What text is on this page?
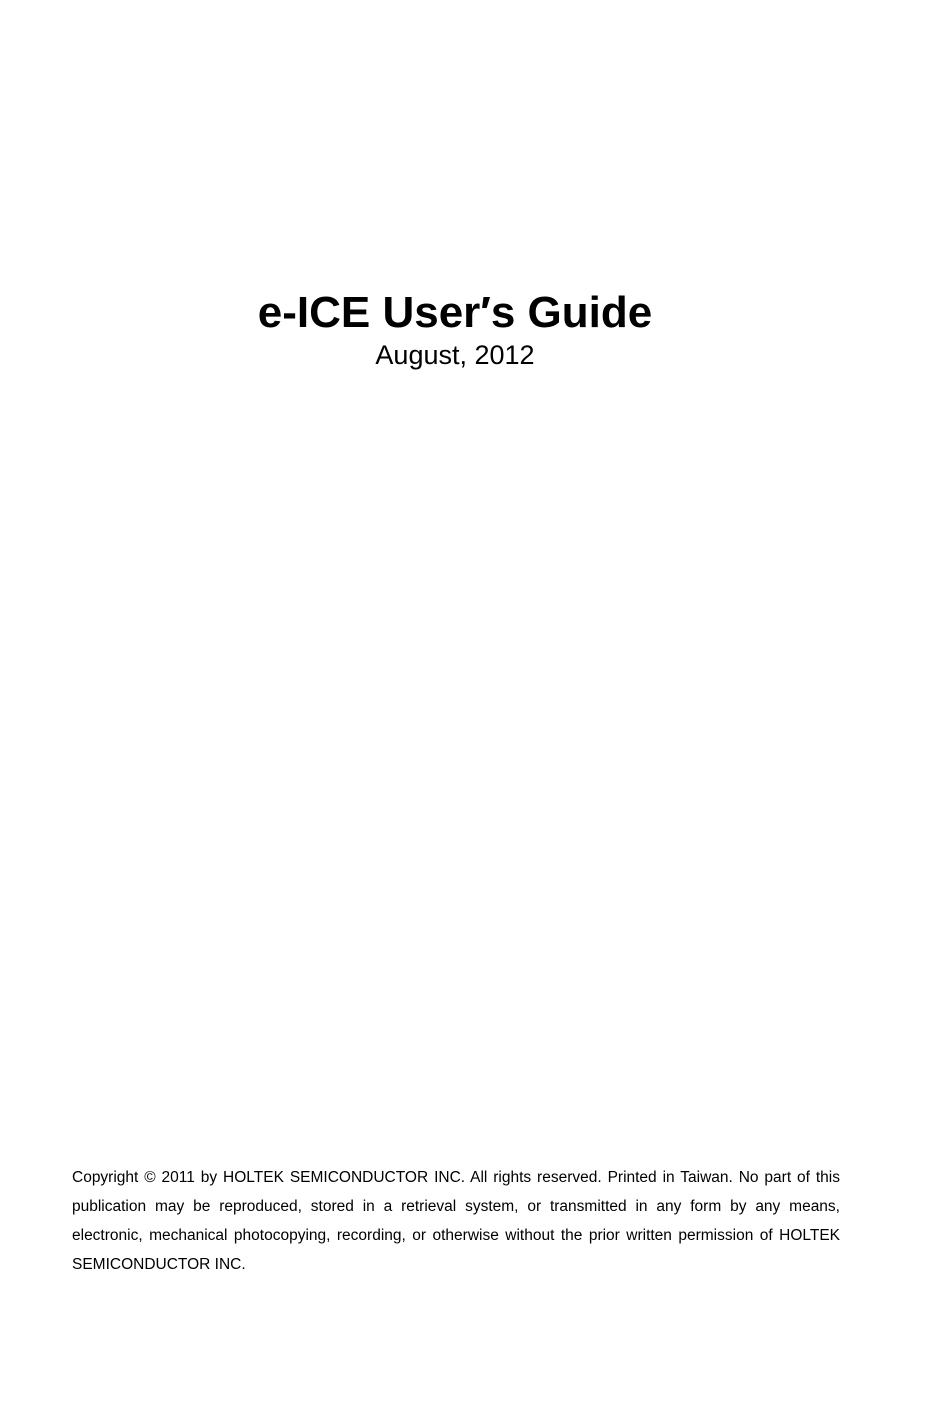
e-ICE User′s Guide

August, 2012

Copyright © 2011 by HOLTEK SEMICONDUCTOR INC. All rights reserved. Printed in Taiwan. No part of this publication may be reproduced, stored in a retrieval system, or transmitted in any form by any means, electronic, mechanical photocopying, recording, or otherwise without the prior written permission of HOLTEK SEMICONDUCTOR INC.
